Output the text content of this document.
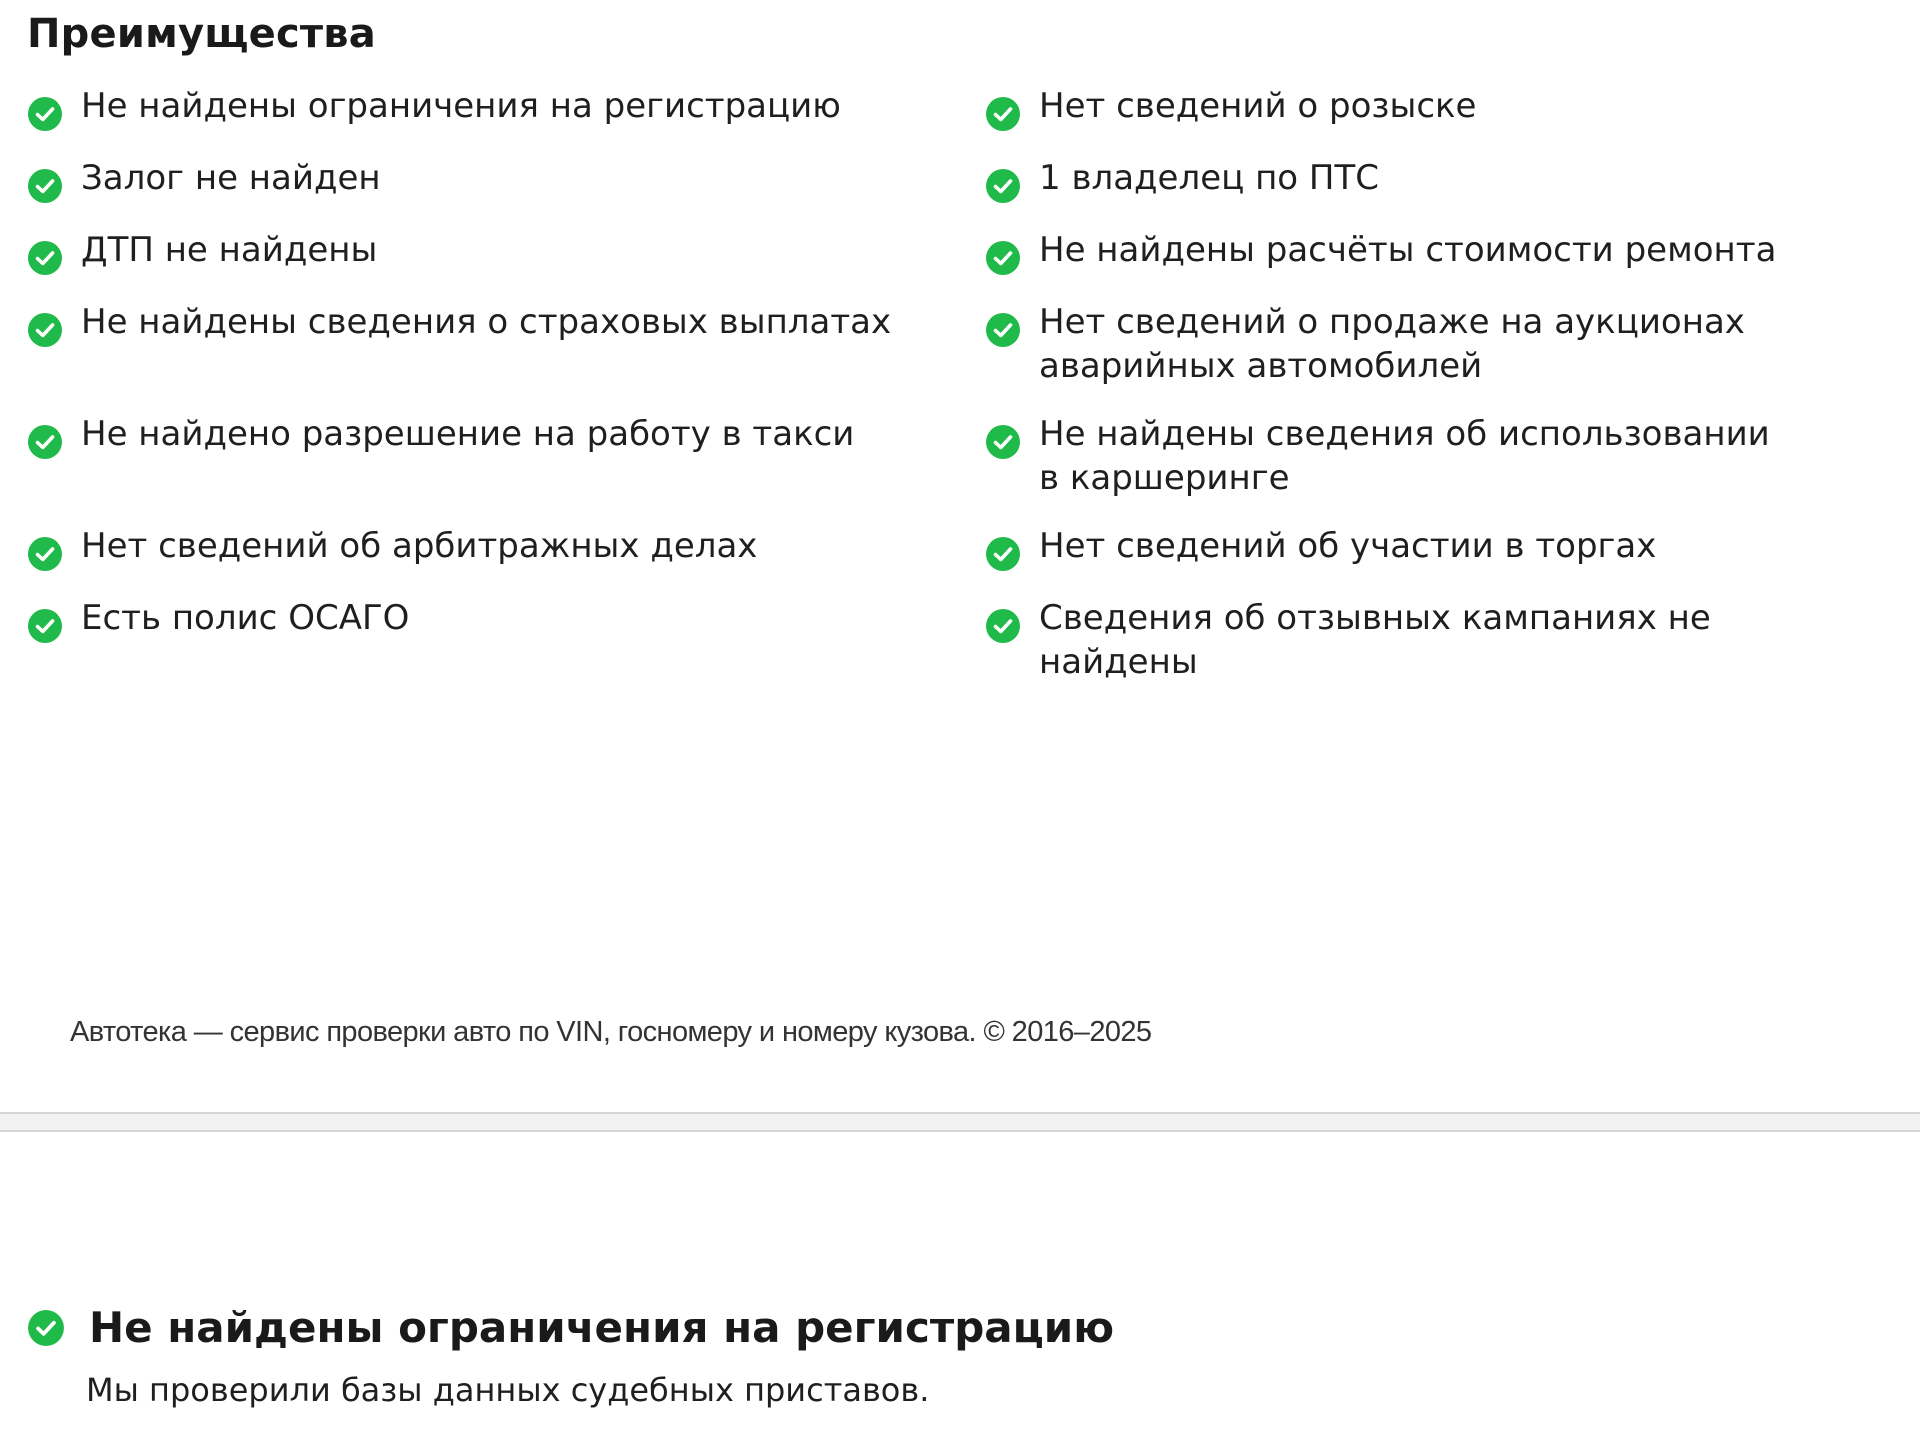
Преимущества
Не найдены ограничения на регистрацию	Нет сведений о розыске
Залог не найден	1 владелец по ПТС
ДТП не найдены	Не найдены расчёты стоимости ремонта
Не найдены сведения о страховых выплатах	Нет сведений о продаже на аукционах аварийных автомобилей
Не найдено разрешение на работу в такси	Не найдены сведения об использовании в каршеринге
Нет сведений об арбитражных делах	Нет сведений об участии в торгах
Есть полис ОСАГО	Сведения об отзывных кампаниях не найдены
Автотека — сервис проверки авто по VIN, госномеру и номеру кузова. © 2016–2025
Не найдены ограничения на регистрацию

Мы проверили базы данных судебных приставов.
